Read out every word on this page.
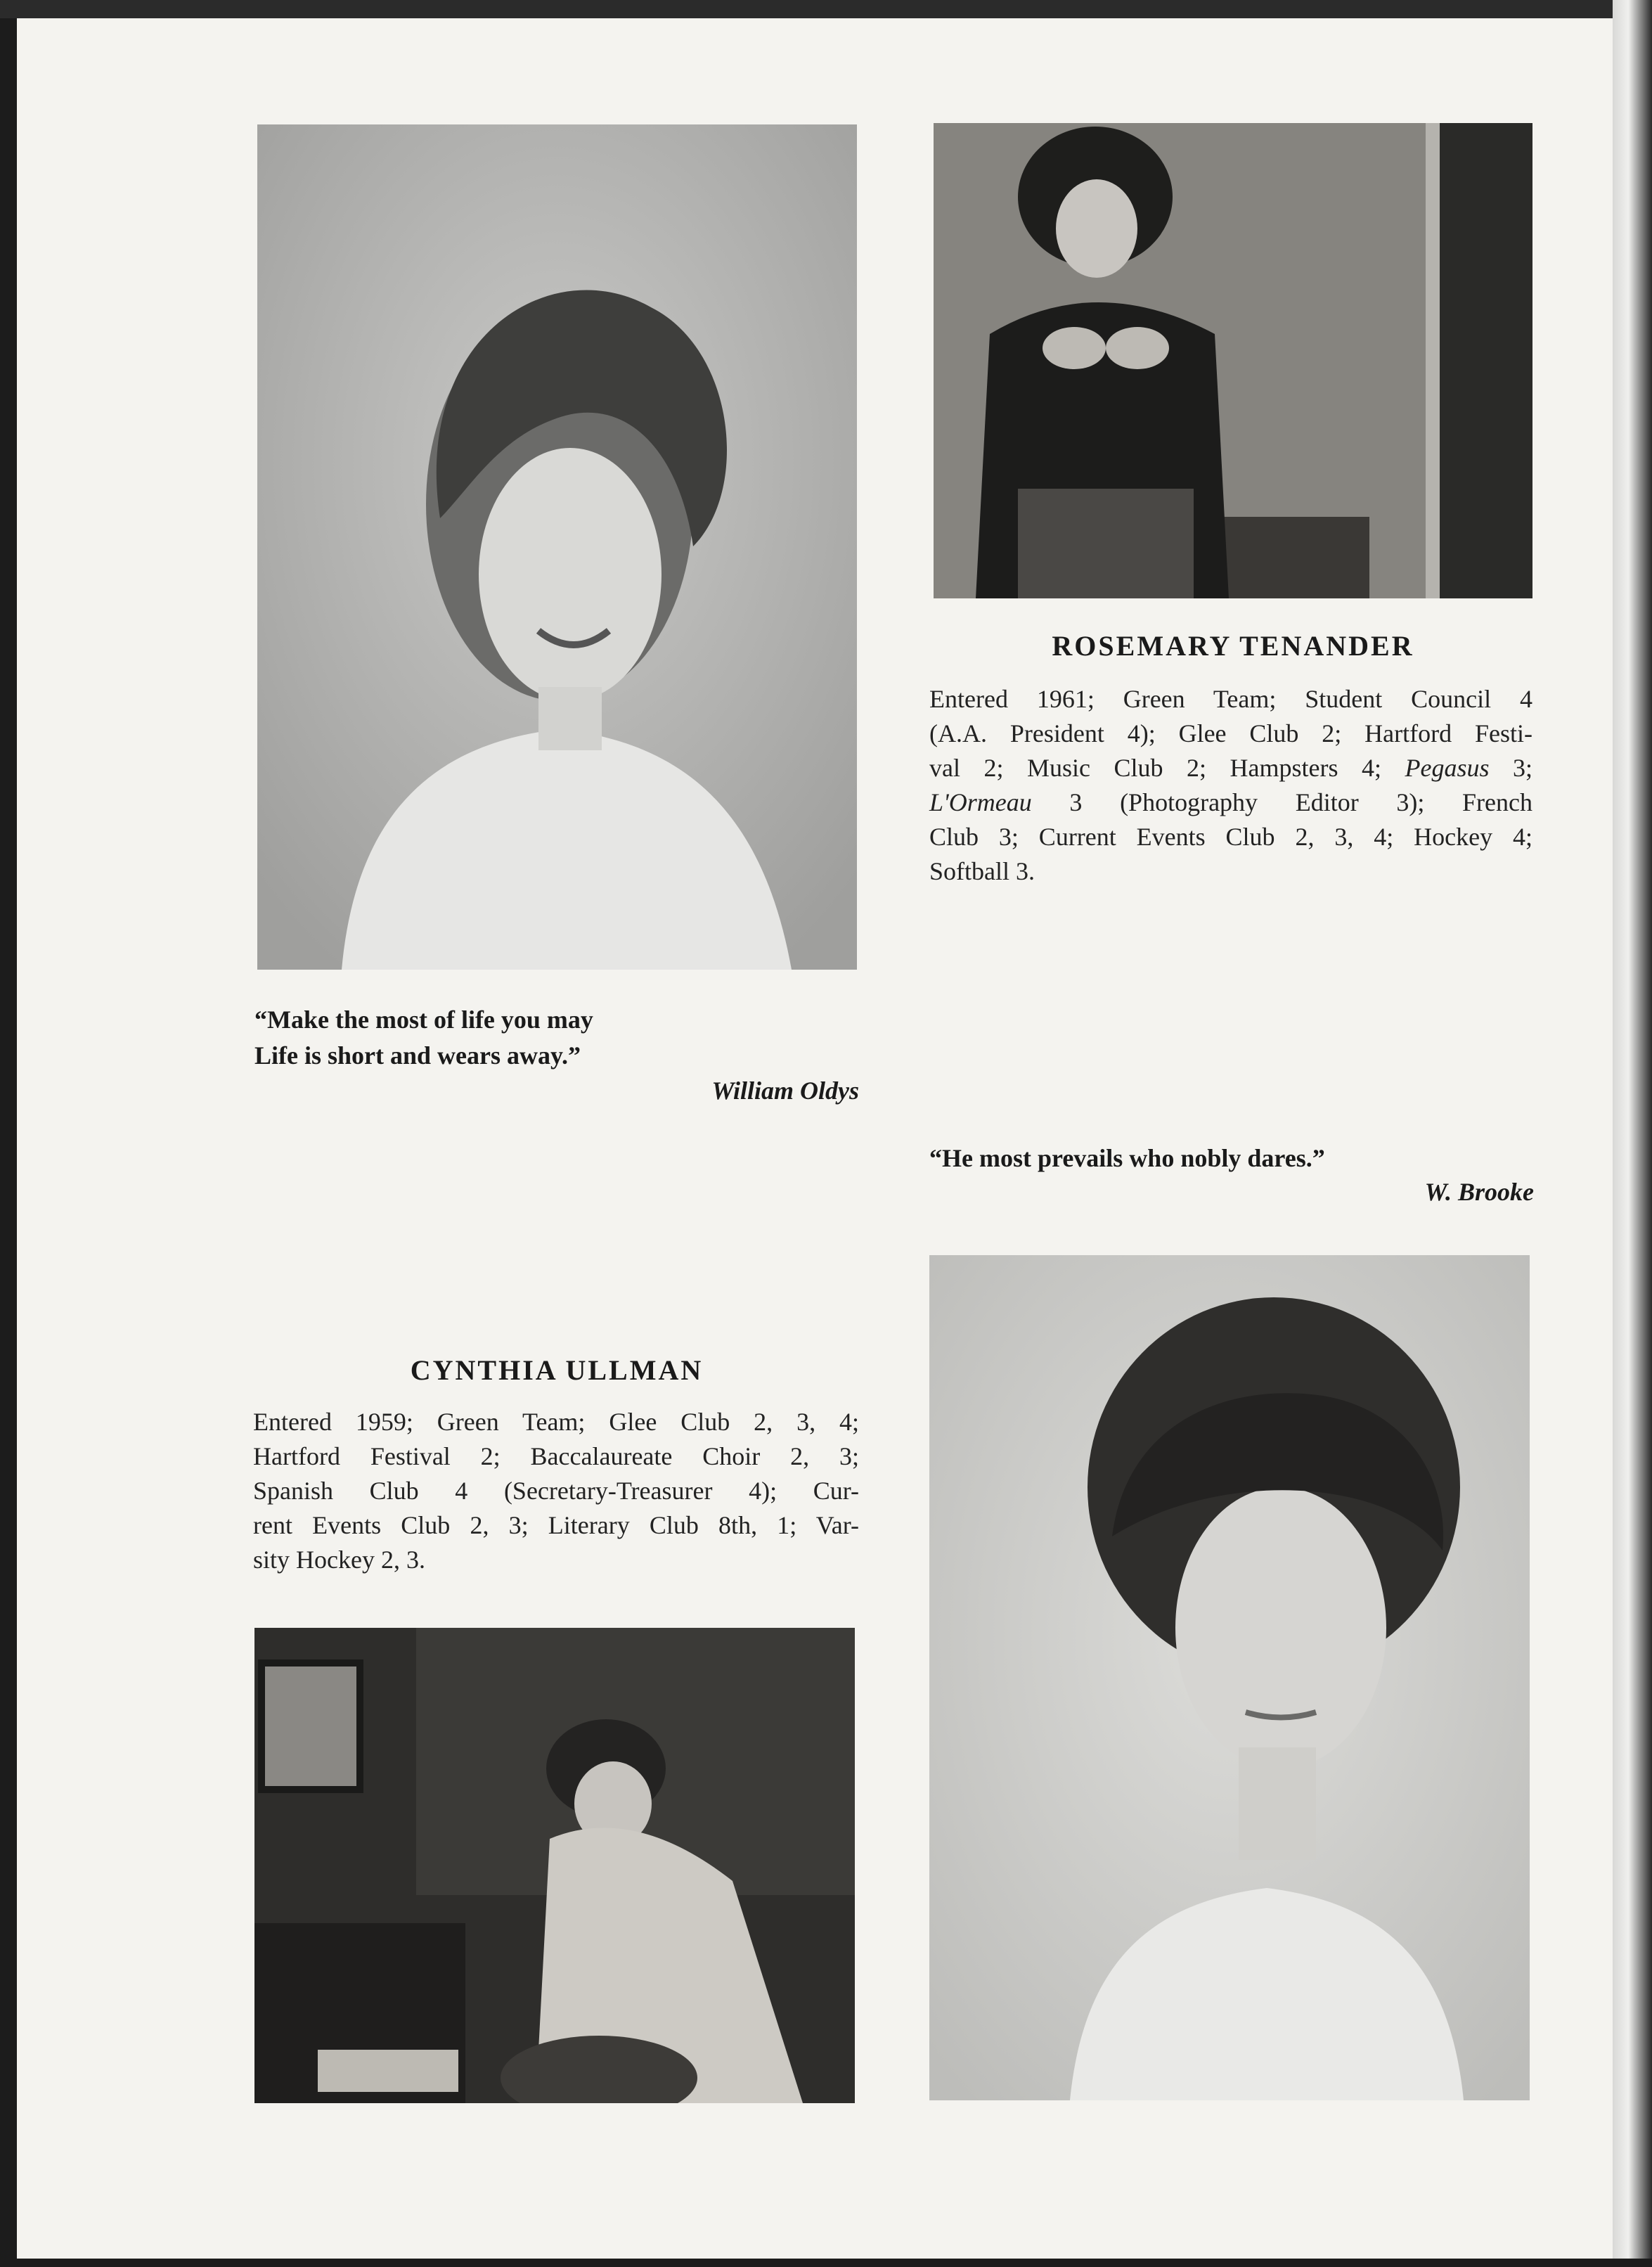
ROSEMARY TENANDER
Entered 1961; Green Team; Student Council 4
(A.A. President 4); Glee Club 2; Hartford Festi-
val 2; Music Club 2; Hampsters 4; Pegasus 3;
L'Ormeau 3 (Photography Editor 3); French
Club 3; Current Events Club 2, 3, 4; Hockey 4;
Softball 3.
“Make the most of life you may
Life is short and wears away.”
William Oldys
“He most prevails who nobly dares.”
W. Brooke
CYNTHIA ULLMAN
Entered 1959; Green Team; Glee Club 2, 3, 4;
Hartford Festival 2; Baccalaureate Choir 2, 3;
Spanish Club 4 (Secretary-Treasurer 4); Cur-
rent Events Club 2, 3; Literary Club 8th, 1; Var-
sity Hockey 2, 3.
